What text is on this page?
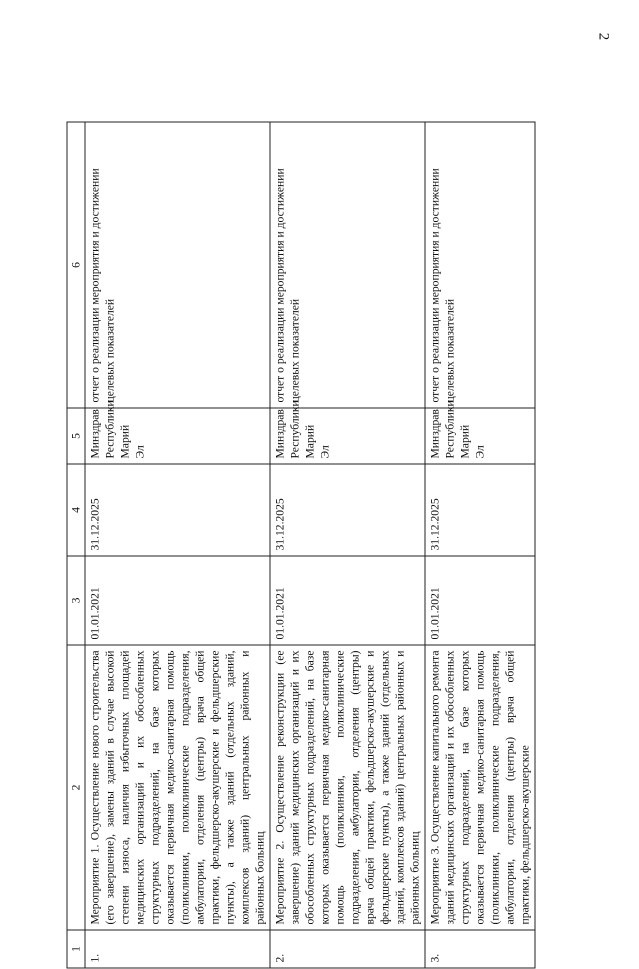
2
1	2	3	4	5	6
1.	Мероприятие 1. Осуществление нового строительства (его завершение), замены зданий в случае высокой степени износа, наличия избыточных площадей медицинских организаций и их обособленных структурных подразделений, на базе которых оказывается первичная медико-санитарная помощь (поликлиники, поликлинические подразделения, амбулатории, отделения (центры) врача общей практики, фельдшерско-акушерские и фельдшерские пункты), а также зданий (отдельных зданий, комплексов зданий) центральных районных и районных больниц	01.01.2021	31.12.2025	Минздрав Республики Марий Эл	отчет о реализации мероприятия и достижении целевых показателей
2.	Мероприятие 2. Осуществление реконструкции (ее завершение) зданий медицинских организаций и их обособленных структурных подразделений, на базе которых оказывается первичная медико-санитарная помощь (поликлиники, поликлинические подразделения, амбулатории, отделения (центры) врача общей практики, фельдшерско-акушерские и фельдшерские пункты), а также зданий (отдельных зданий, комплексов зданий) центральных районных и районных больниц	01.01.2021	31.12.2025	Минздрав Республики Марий Эл	отчет о реализации мероприятия и достижении целевых показателей
3.	Мероприятие 3. Осуществление капитального ремонта зданий медицинских организаций и их обособленных структурных подразделений, на базе которых оказывается первичная медико-санитарная помощь (поликлиники, поликлинические подразделения, амбулатории, отделения (центры) врача общей практики, фельдшерско-акушерские	01.01.2021	31.12.2025	Минздрав Республики Марий Эл	отчет о реализации мероприятия и достижении целевых показателей
